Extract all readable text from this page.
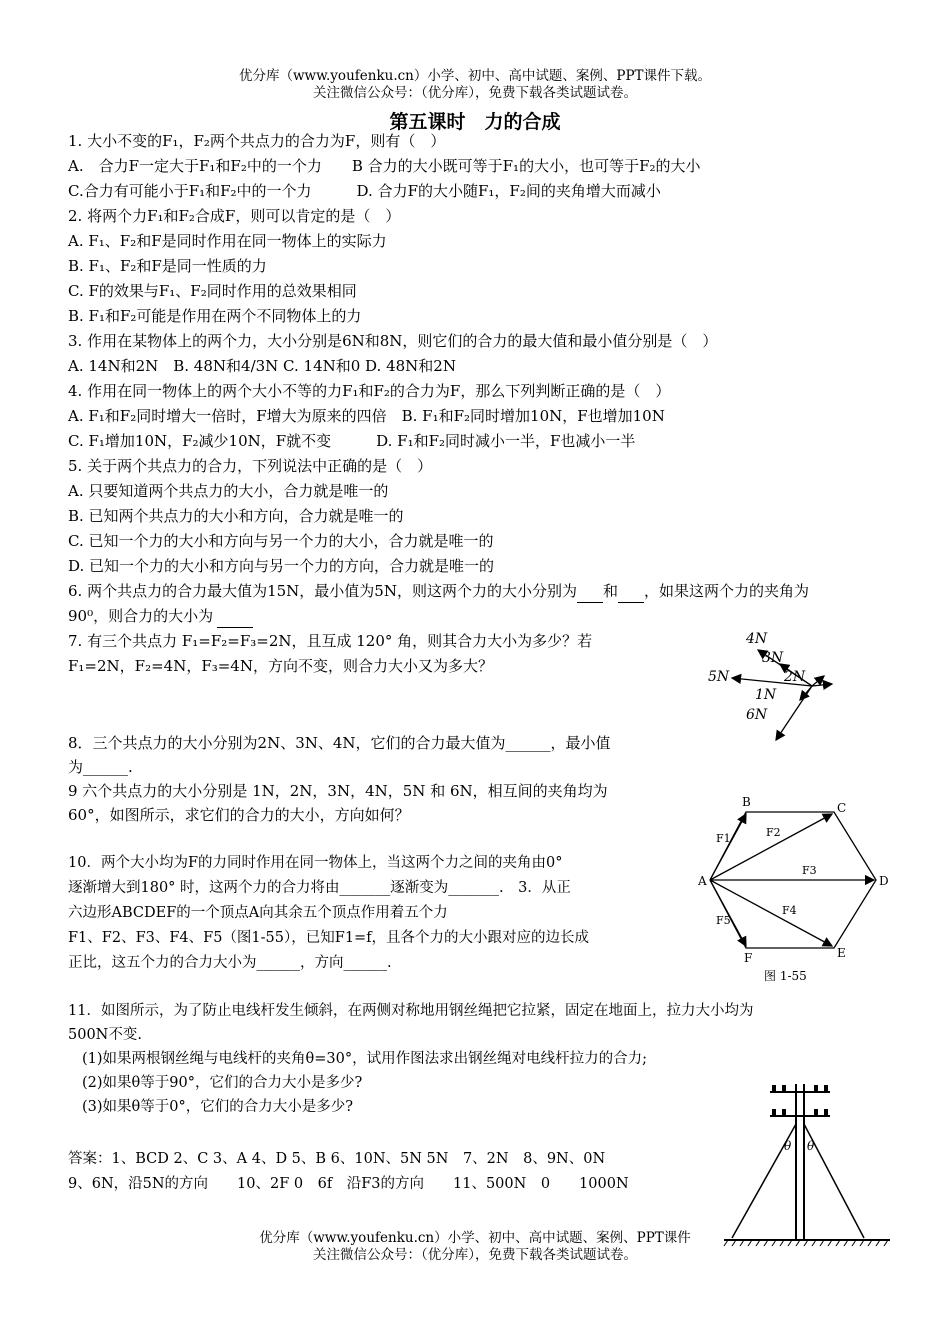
优分库（www.youfenku.cn）小学、初中、高中试题、案例、PPT课件下载。
关注微信公众号：（优分库），免费下载各类试题试卷。
第五课时　力的合成
1. 大小不变的F₁，F₂两个共点力的合力为F，则有（　）
A.　合力F一定大于F₁和F₂中的一个力　　B 合力的大小既可等于F₁的大小，也可等于F₂的大小
C.合力有可能小于F₁和F₂中的一个力　　　D. 合力F的大小随F₁，F₂间的夹角增大而减小
2. 将两个力F₁和F₂合成F，则可以肯定的是（　）
A. F₁、F₂和F是同时作用在同一物体上的实际力
B. F₁、F₂和F是同一性质的力
C. F的效果与F₁、F₂同时作用的总效果相同
B. F₁和F₂可能是作用在两个不同物体上的力
3. 作用在某物体上的两个力，大小分别是6N和8N，则它们的合力的最大值和最小值分别是（　）
A. 14N和2N　B. 48N和4/3N C. 14N和0 D. 48N和2N
4. 作用在同一物体上的两个大小不等的力F₁和F₂的合力为F，那么下列判断正确的是（　）
A. F₁和F₂同时增大一倍时，F增大为原来的四倍　B. F₁和F₂同时增加10N，F也增加10N
C. F₁增加10N，F₂减少10N，F就不变　　　D. F₁和F₂同时减小一半，F也减小一半
5. 关于两个共点力的合力，下列说法中正确的是（　）
A. 只要知道两个共点力的大小，合力就是唯一的
B. 已知两个共点力的大小和方向，合力就是唯一的
C. 已知一个力的大小和方向与另一个力的大小，合力就是唯一的
D. 已知一个力的大小和方向与另一个力的方向，合力就是唯一的
6. 两个共点力的合力最大值为15N，最小值为5N，则这两个力的大小分别为 和 ，如果这两个力的夹角为
90⁰，则合力的大小为
7. 有三个共点力 F₁=F₂=F₃=2N，且互成 120° 角，则其合力大小为多少？若
F₁=2N，F₂=4N，F₃=4N，方向不变，则合力大小又为多大？
4N
3N
5N	2N
1N
6N
8．三个共点力的大小分别为2N、3N、4N，它们的合力最大值为______，最小值
为______.
9 六个共点力的大小分别是 1N，2N，3N，4N，5N 和 6N，相互间的夹角均为
60°，如图所示，求它们的合力的大小，方向如何？
10．两个大小均为F的力同时作用在同一物体上，当这两个力之间的夹角由0°
逐渐增大到180° 时，这两个力的合力将由_______逐渐变为_______.　3．从正
六边形ABCDEF的一个顶点A向其余五个顶点作用着五个力
F1、F2、F3、F4、F5（图1-55），已知F1=f，且各个力的大小跟对应的边长成
正比，这五个力的合力大小为______，方向______.
A
B	C
D
E
F
F1	F2
F3
F4
F5
图 1-55
11．如图所示，为了防止电线杆发生倾斜，在两侧对称地用钢丝绳把它拉紧，固定在地面上，拉力大小均为
500N不变.
(1)如果两根钢丝绳与电线杆的夹角θ=30°，试用作图法求出钢丝绳对电线杆拉力的合力;
(2)如果θ等于90°，它们的合力大小是多少?
(3)如果θ等于0°，它们的合力大小是多少?
答案：1、BCD 2、C 3、A 4、D 5、B 6、10N、5N 5N　7、2N　8、9N、0N
9、6N，沿5N的方向　　10、2F 0　6f　沿F3的方向　　11、500N　0　　1000N
θ θ
优分库（www.youfenku.cn）小学、初中、高中试题、案例、PPT课件
关注微信公众号：（优分库），免费下载各类试题试卷。
